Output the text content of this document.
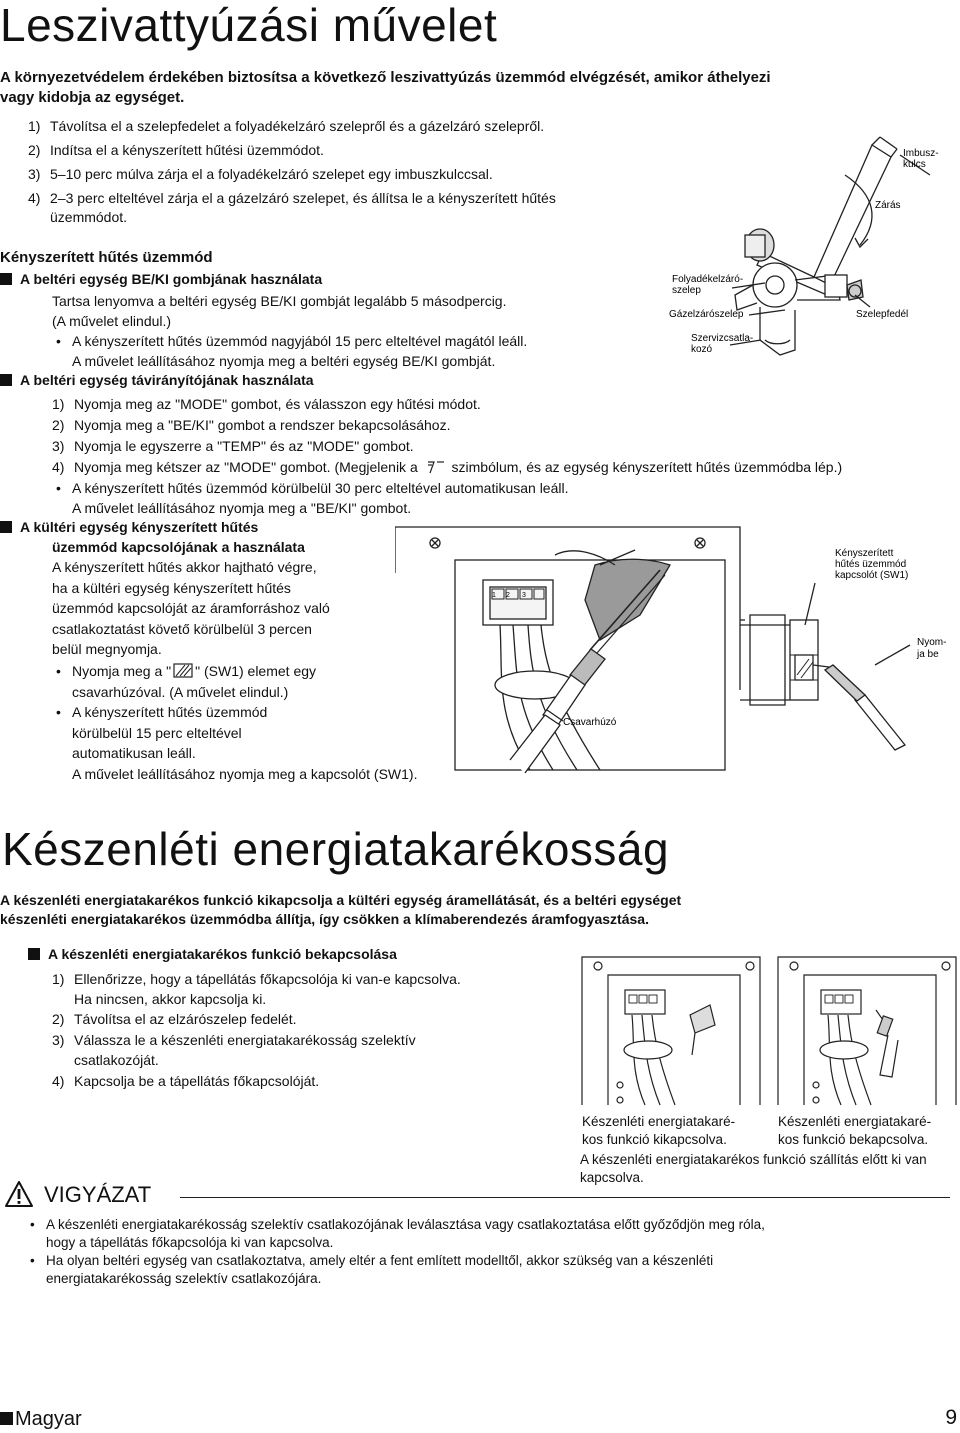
Leszivattyúzási művelet
A környezetvédelem érdekében biztosítsa a következő leszivattyúzás üzemmód elvégzését, amikor áthelyezi
vagy kidobja az egységet.
1) Távolítsa el a szelepfedelet a folyadékelzáró szelepről és a gázelzáró szelepről.
2) Indítsa el a kényszerített hűtési üzemmódot.
3) 5–10 perc múlva zárja el a folyadékelzáró szelepet egy imbuszkulccsal.
4) 2–3 perc elteltével zárja el a gázelzáró szelepet, és állítsa le a kényszerített hűtés
üzemmódot.
Imbusz-
kulcs
Zárás
Folyadékelzáró-
szelep
Gázelzárószelep	Szelepfedél
Szervizcsatla-
kozó
Kényszerített hűtés üzemmód
A beltéri egység BE/KI gombjának használata
Tartsa lenyomva a beltéri egység BE/KI gombját legalább 5 másodpercig.
(A művelet elindul.)
• A kényszerített hűtés üzemmód nagyjából 15 perc elteltével magától leáll.
A művelet leállításához nyomja meg a beltéri egység BE/KI gombját.
A beltéri egység távirányítójának használata
1) Nyomja meg az "MODE" gombot, és válasszon egy hűtési módot.
2) Nyomja meg a "BE/KI" gombot a rendszer bekapcsolásához.
3) Nyomja le egyszerre a "TEMP" és az "MODE" gombot.
4) Nyomja meg kétszer az "MODE" gombot. (Megjelenik a szimbólum, és az egység kényszerített hűtés üzemmódba lép.)
• A kényszerített hűtés üzemmód körülbelül 30 perc elteltével automatikusan leáll.
A művelet leállításához nyomja meg a "BE/KI" gombot.
A kültéri egység kényszerített hűtés
üzemmód kapcsolójának a használata
A kényszerített hűtés akkor hajtható végre,
ha a kültéri egység kényszerített hűtés
üzemmód kapcsolóját az áramforráshoz való
csatlakoztatást követő körülbelül 3 percen
belül megnyomja.
• Nyomja meg a " " (SW1) elemet egy
csavarhúzóval. (A művelet elindul.)
• A kényszerített hűtés üzemmód
körülbelül 15 perc elteltével
automatikusan leáll.
A művelet leállításához nyomja meg a kapcsolót (SW1).
1 2 3
Kényszerített
hűtés üzemmód
kapcsolót (SW1)
Nyom-
ja be
Csavarhúzó
Készenléti energiatakarékosság
A készenléti energiatakarékos funkció kikapcsolja a kültéri egység áramellátását, és a beltéri egységet
készenléti energiatakarékos üzemmódba állítja, így csökken a klímaberendezés áramfogyasztása.
A készenléti energiatakarékos funkció bekapcsolása
1) Ellenőrizze, hogy a tápellátás főkapcsolója ki van-e kapcsolva.
Ha nincsen, akkor kapcsolja ki.
2) Távolítsa el az elzárószelep fedelét.
3) Válassza le a készenléti energiatakarékosság szelektív
csatlakozóját.
4) Kapcsolja be a tápellátás főkapcsolóját.
Készenléti energiatakaré-
kos funkció kikapcsolva.
Készenléti energiatakaré-
kos funkció bekapcsolva.
A készenléti energiatakarékos funkció szállítás előtt ki van
kapcsolva.
VIGYÁZAT
• A készenléti energiatakarékosság szelektív csatlakozójának leválasztása vagy csatlakoztatása előtt győződjön meg róla,
hogy a tápellátás főkapcsolója ki van kapcsolva.
• Ha olyan beltéri egység van csatlakoztatva, amely eltér a fent említett modelltől, akkor szükség van a készenléti
energiatakarékosság szelektív csatlakozójára.
Magyar	9
